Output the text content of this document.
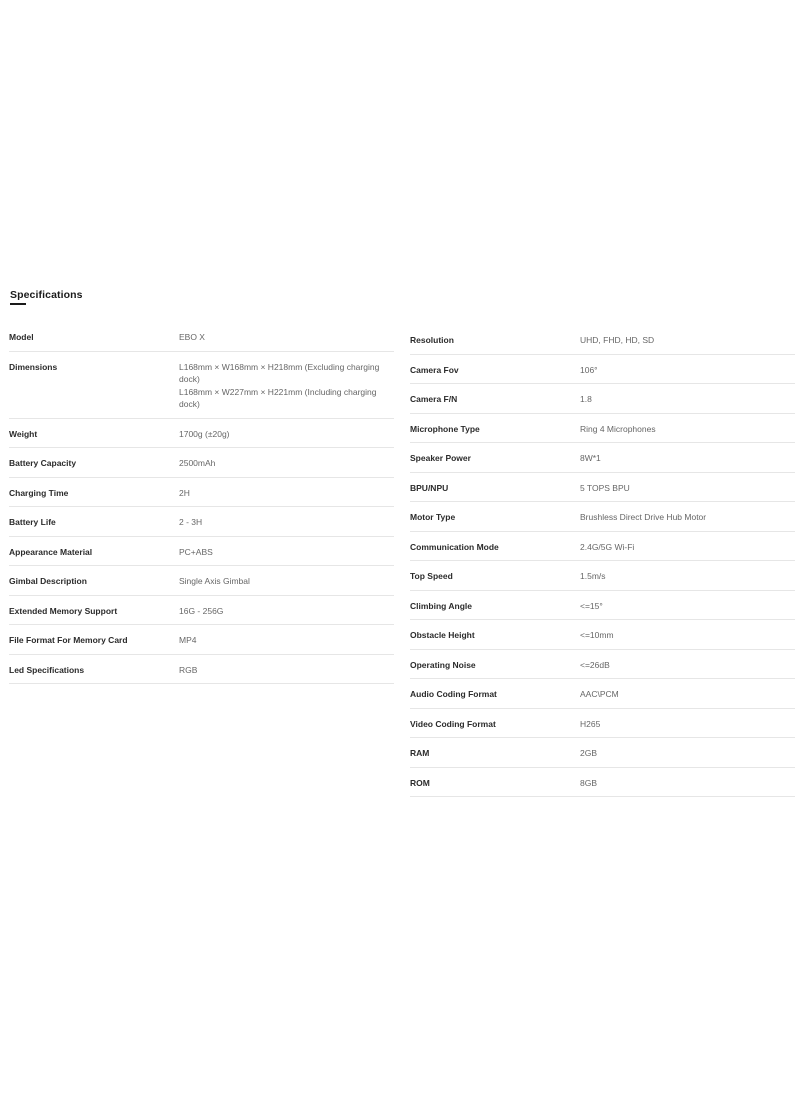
Specifications
Model	EBO X
Dimensions	L168mm × W168mm × H218mm (Excluding charging dock)
L168mm × W227mm × H221mm (Including charging dock)
Weight	1700g (±20g)
Battery Capacity	2500mAh
Charging Time	2H
Battery Life	2 - 3H
Appearance Material	PC+ABS
Gimbal Description	Single Axis Gimbal
Extended Memory Support	16G - 256G
File Format For Memory Card	MP4
Led Specifications	RGB
Resolution	UHD, FHD, HD, SD
Camera Fov	106°
Camera F/N	1.8
Microphone Type	Ring 4 Microphones
Speaker Power	8W*1
BPU/NPU	5 TOPS BPU
Motor Type	Brushless Direct Drive Hub Motor
Communication Mode	2.4G/5G Wi-Fi
Top Speed	1.5m/s
Climbing Angle	<=15°
Obstacle Height	<=10mm
Operating Noise	<=26dB
Audio Coding Format	AAC\PCM
Video Coding Format	H265
RAM	2GB
ROM	8GB
